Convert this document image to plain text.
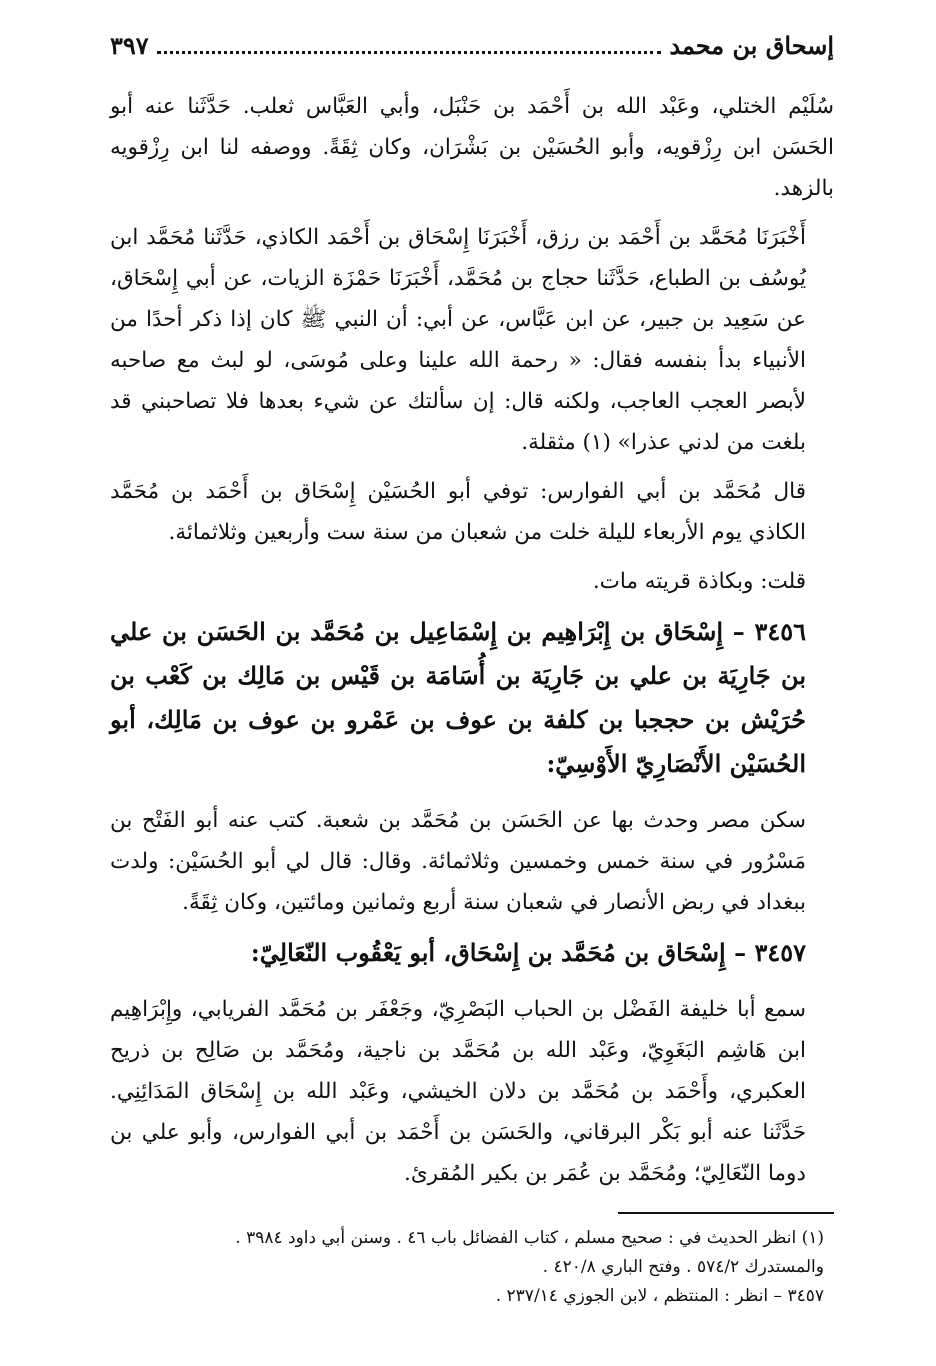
إسحاق بن محمد
٣٩٧

سُلَيْم الختلي، وعَبْد الله بن أَحْمَد بن حَنْبَل، وأبي العَبَّاس ثعلب. حَدَّثَنا عنه أبو الحَسَن ابن رِزْقويه، وأبو الحُسَيْن بن بَشْرَان، وكان ثِقَةً. ووصفه لنا ابن رِزْقويه بالزهد.

أَخْبَرَنَا مُحَمَّد بن أَحْمَد بن رزق، أَخْبَرَنَا إِسْحَاق بن أَحْمَد الكاذي، حَدَّثَنا مُحَمَّد ابن يُوسُف بن الطباع، حَدَّثَنا حجاج بن مُحَمَّد، أَخْبَرَنَا حَمْزَة الزيات، عن أبي إِسْحَاق، عن سَعِيد بن جبير، عن ابن عَبَّاس، عن أبي: أن النبي ﷺ كان إذا ذكر أحدًا من الأنبياء بدأ بنفسه فقال: « رحمة الله علينا وعلى مُوسَى، لو لبث مع صاحبه لأبصر العجب العاجب، ولكنه قال: إن سألتك عن شيء بعدها فلا تصاحبني قد بلغت من لدني عذرا» (١) مثقلة.

قال مُحَمَّد بن أبي الفوارس: توفي أبو الحُسَيْن إِسْحَاق بن أَحْمَد بن مُحَمَّد الكاذي يوم الأربعاء لليلة خلت من شعبان من سنة ست وأربعين وثلاثمائة.

قلت: وبكاذة قريته مات.

٣٤٥٦ – إِسْحَاق بن إِبْرَاهِيم بن إِسْمَاعِيل بن مُحَمَّد بن الحَسَن بن علي بن جَارِيَة بن علي بن جَارِيَة بن أُسَامَة بن قَيْس بن مَالِك بن كَعْب بن حُرَيْش بن حججبا بن كلفة بن عوف بن عَمْرو بن عوف بن مَالِك، أبو الحُسَيْن الأَنْصَارِيّ الأَوْسِيّ:

سكن مصر وحدث بها عن الحَسَن بن مُحَمَّد بن شعبة. كتب عنه أبو الفَتْح بن مَسْرُور في سنة خمس وخمسين وثلاثمائة. وقال: قال لي أبو الحُسَيْن: ولدت ببغداد في ربض الأنصار في شعبان سنة أربع وثمانين ومائتين، وكان ثِقَةً.

٣٤٥٧ – إِسْحَاق بن مُحَمَّد بن إِسْحَاق، أبو يَعْقُوب النّعَالِيّ:

سمع أبا خليفة الفَضْل بن الحباب البَصْرِيّ، وجَعْفَر بن مُحَمَّد الفريابي، وإِبْرَاهِيم ابن هَاشِم البَغَوِيّ، وعَبْد الله بن مُحَمَّد بن ناجية، ومُحَمَّد بن صَالِح بن ذريح العكبري، وأَحْمَد بن مُحَمَّد بن دلان الخيشي، وعَبْد الله بن إِسْحَاق المَدَائِنِي. حَدَّثَنا عنه أبو بَكْر البرقاني، والحَسَن بن أَحْمَد بن أبي الفوارس، وأبو علي بن دوما النّعَالِيّ؛ ومُحَمَّد بن عُمَر بن بكير المُقرئ.

(١) انظر الحديث في : صحيح مسلم ، كتاب الفضائل باب ٤٦ . وسنن أبي داود ٣٩٨٤ .
والمستدرك ٥٧٤/٢ . وفتح الباري ٤٢٠/٨ .

٣٤٥٧ – انظر : المنتظم ، لابن الجوزي ٢٣٧/١٤ .
